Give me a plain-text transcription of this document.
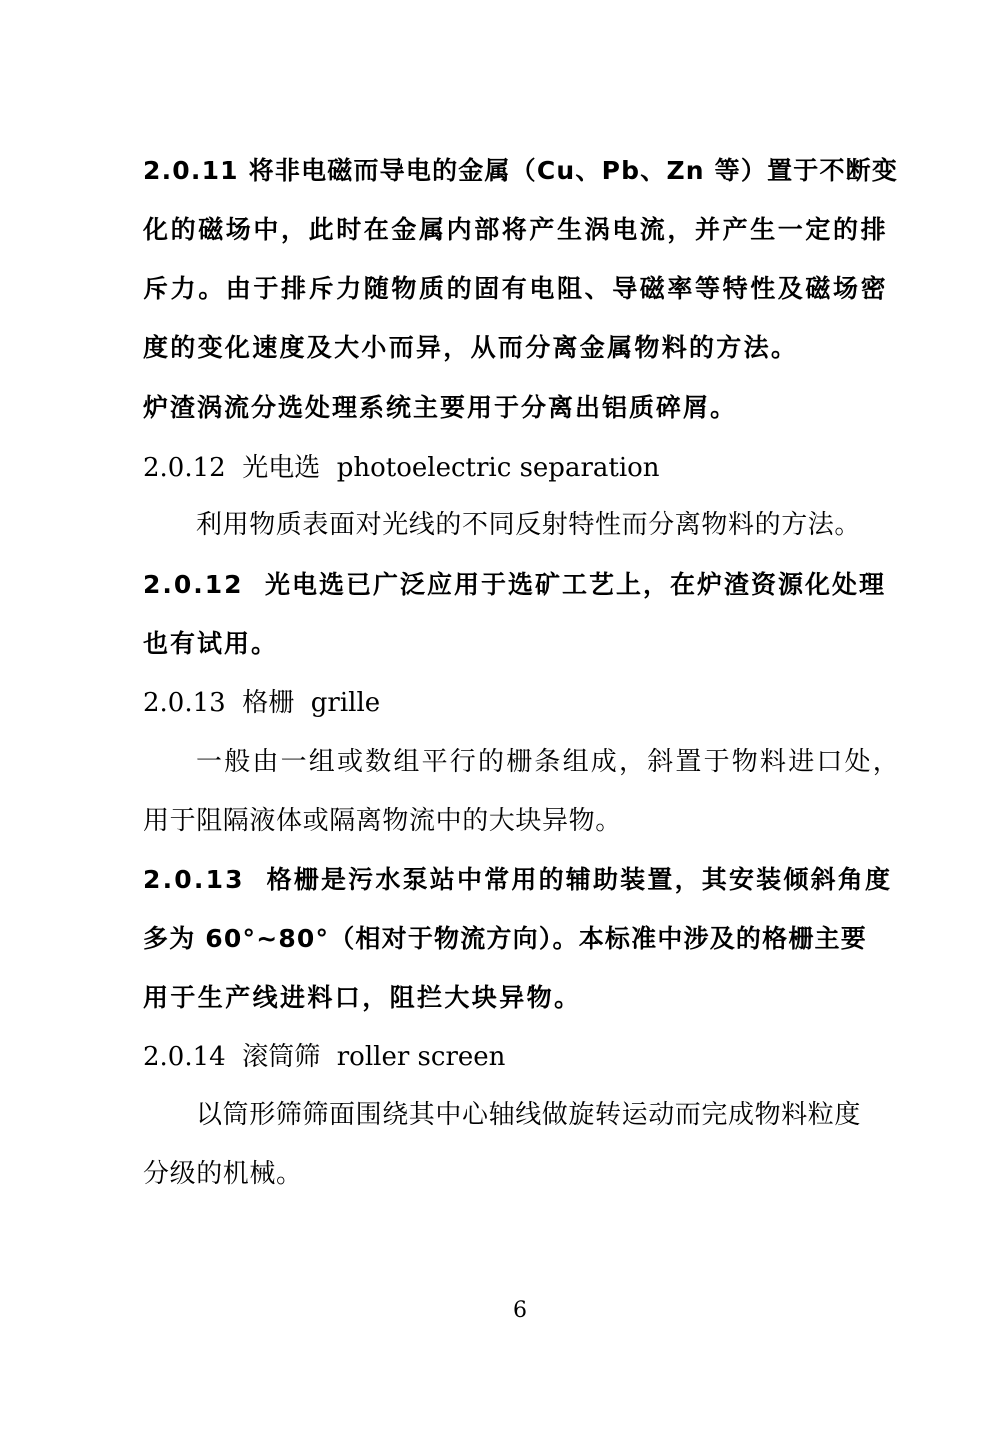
2.0.11 将非电磁而导电的金属（Cu、Pb、Zn 等）置于不断变
化的磁场中，此时在金属内部将产生涡电流，并产生一定的排
斥力。由于排斥力随物质的固有电阻、导磁率等特性及磁场密
度的变化速度及大小而异，从而分离金属物料的方法。
炉渣涡流分选处理系统主要用于分离出铝质碎屑。
2.0.12  光电选  photoelectric separation
利用物质表面对光线的不同反射特性而分离物料的方法。
2.0.12  光电选已广泛应用于选矿工艺上，在炉渣资源化处理
也有试用。
2.0.13  格栅  grille
一般由一组或数组平行的栅条组成，斜置于物料进口处，
用于阻隔液体或隔离物流中的大块异物。
2.0.13  格栅是污水泵站中常用的辅助装置，其安装倾斜角度
多为 60°~80°（相对于物流方向）。本标准中涉及的格栅主要
用于生产线进料口，阻拦大块异物。
2.0.14  滚筒筛  roller screen
以筒形筛筛面围绕其中心轴线做旋转运动而完成物料粒度
分级的机械。
6
